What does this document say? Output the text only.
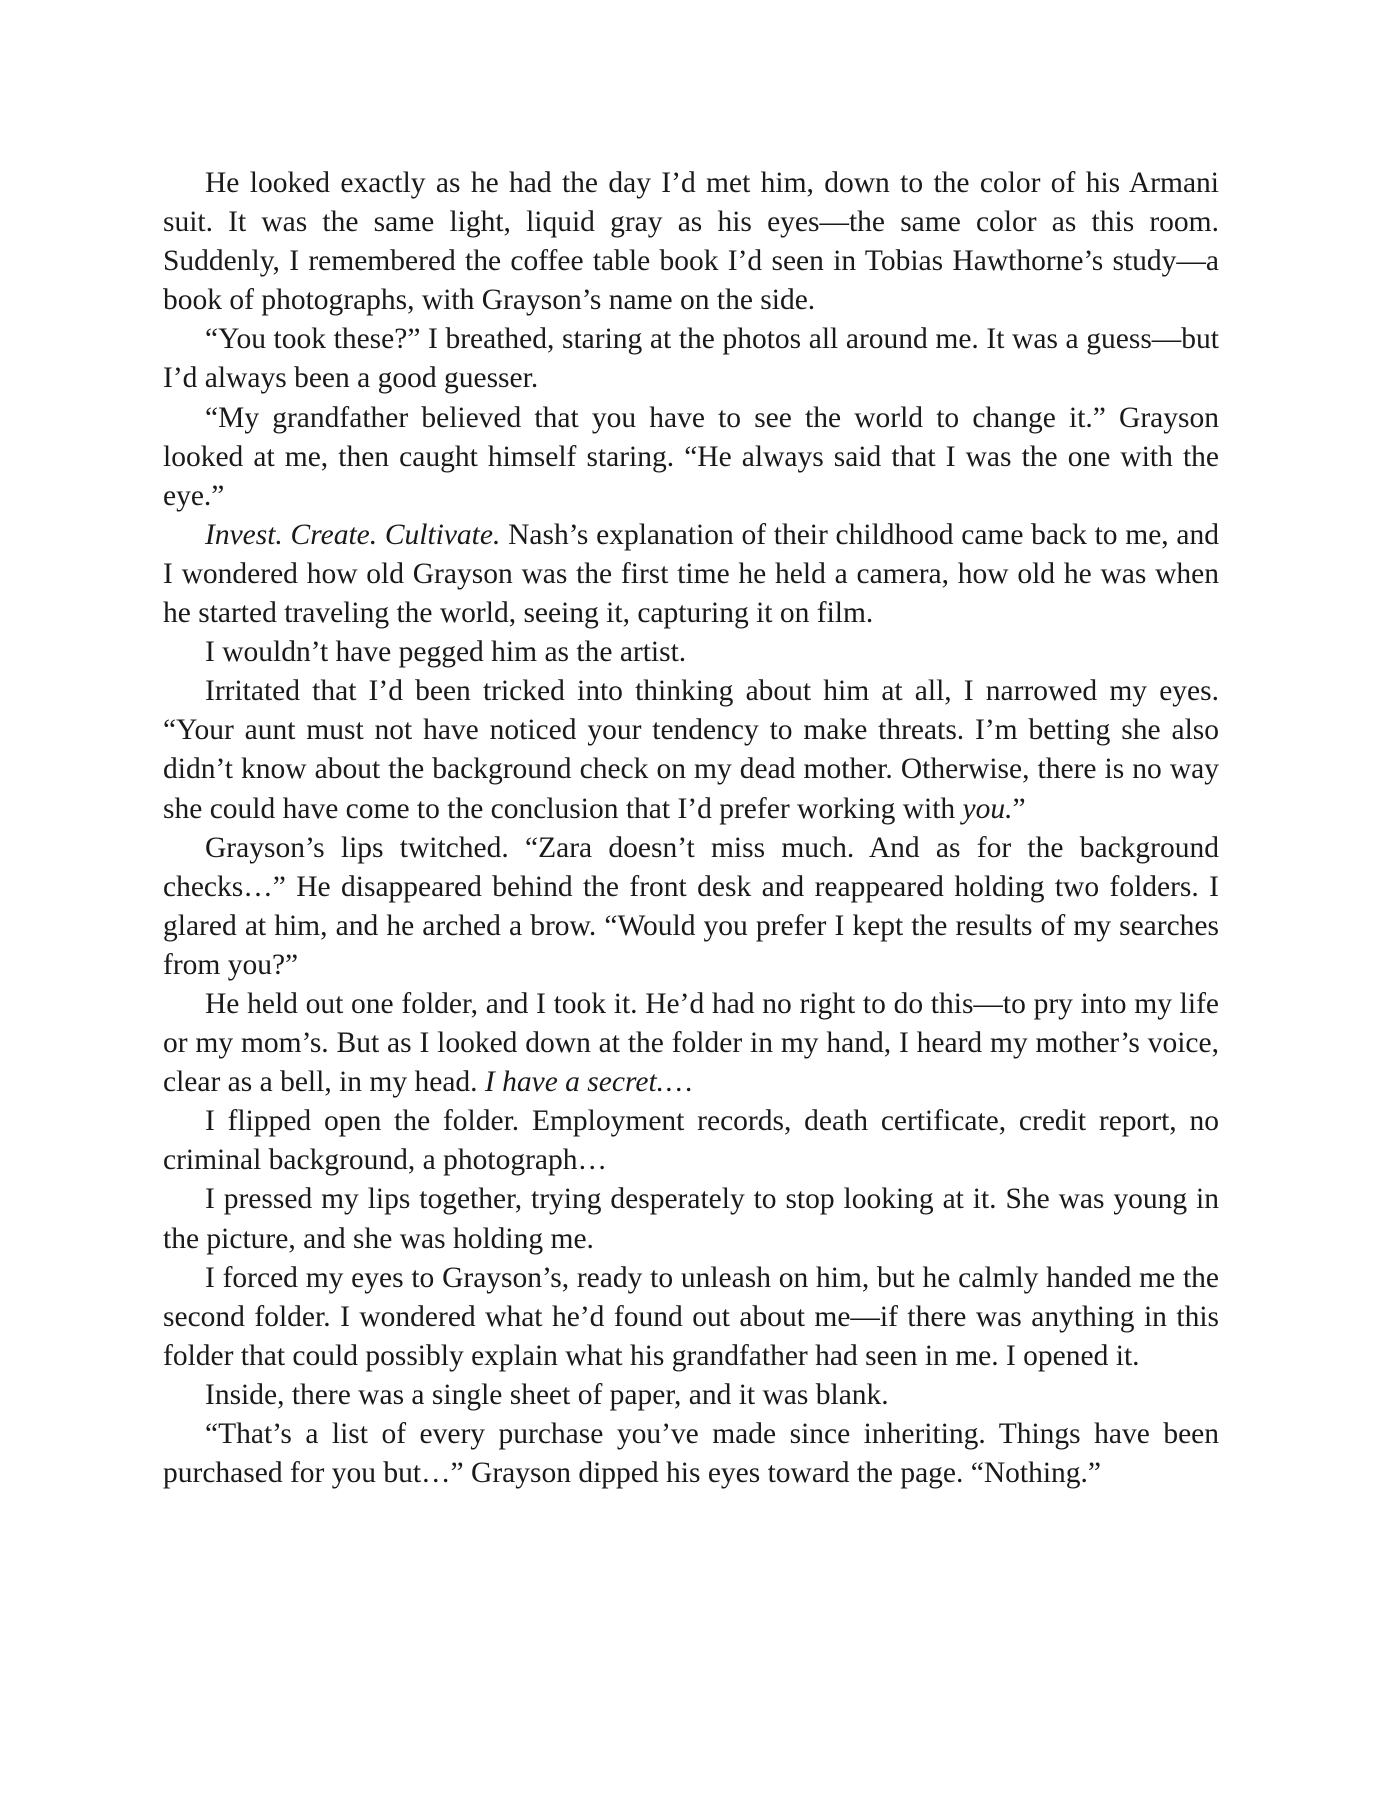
He looked exactly as he had the day I’d met him, down to the color of his Armani suit. It was the same light, liquid gray as his eyes—the same color as this room. Suddenly, I remembered the coffee table book I’d seen in Tobias Hawthorne’s study—a book of photographs, with Grayson’s name on the side.

“You took these?” I breathed, staring at the photos all around me. It was a guess—but I’d always been a good guesser.

“My grandfather believed that you have to see the world to change it.” Grayson looked at me, then caught himself staring. “He always said that I was the one with the eye.”

Invest. Create. Cultivate. Nash’s explanation of their childhood came back to me, and I wondered how old Grayson was the first time he held a camera, how old he was when he started traveling the world, seeing it, capturing it on film.

I wouldn’t have pegged him as the artist.

Irritated that I’d been tricked into thinking about him at all, I narrowed my eyes. “Your aunt must not have noticed your tendency to make threats. I’m betting she also didn’t know about the background check on my dead mother. Otherwise, there is no way she could have come to the conclusion that I’d prefer working with you.”

Grayson’s lips twitched. “Zara doesn’t miss much. And as for the background checks…” He disappeared behind the front desk and reappeared holding two folders. I glared at him, and he arched a brow. “Would you prefer I kept the results of my searches from you?”

He held out one folder, and I took it. He’d had no right to do this—to pry into my life or my mom’s. But as I looked down at the folder in my hand, I heard my mother’s voice, clear as a bell, in my head. I have a secret.…

I flipped open the folder. Employment records, death certificate, credit report, no criminal background, a photograph…

I pressed my lips together, trying desperately to stop looking at it. She was young in the picture, and she was holding me.

I forced my eyes to Grayson’s, ready to unleash on him, but he calmly handed me the second folder. I wondered what he’d found out about me—if there was anything in this folder that could possibly explain what his grandfather had seen in me. I opened it.

Inside, there was a single sheet of paper, and it was blank.

“That’s a list of every purchase you’ve made since inheriting. Things have been purchased for you but…” Grayson dipped his eyes toward the page. “Nothing.”
